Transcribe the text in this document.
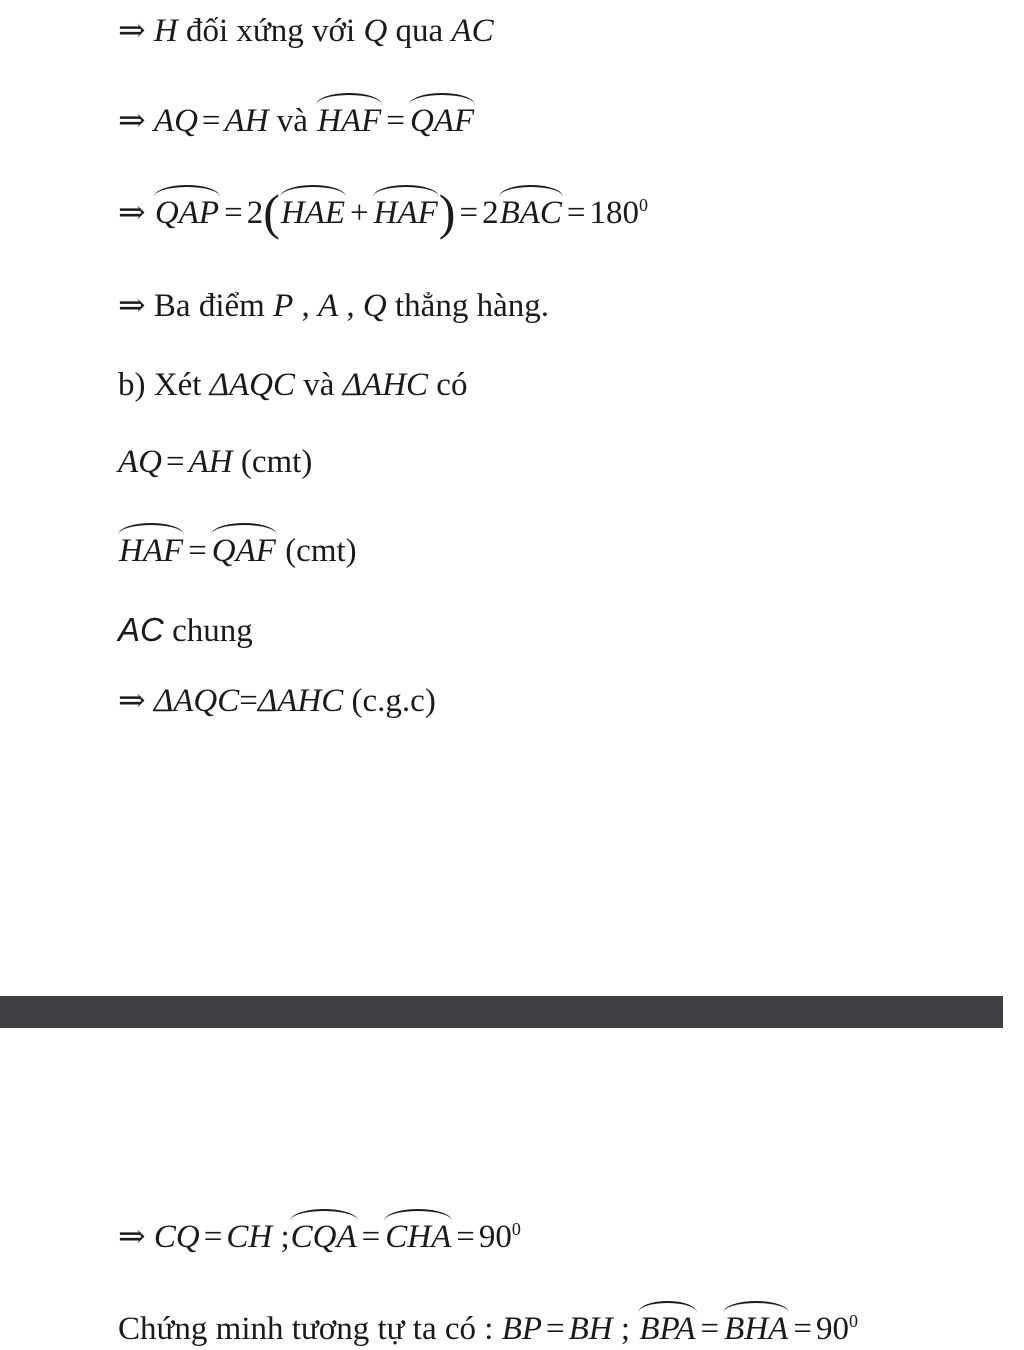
⇒ H đối xứng với Q qua AC
⇒ AQ = AH và HAF = QAF
⇒ QAP = $2(HAE + HAF) = 2BAC = 180^0$
⇒ Ba điểm P , A , Q thẳng hàng.
b) Xét ΔAQC và ΔAHC có
AQ = AH (cmt)
HAF = QAF (cmt)
AC chung
⇒ ΔAQC=ΔAHC (c.g.c)
⇒ CQ = CH ;CQA = CHA = $90^0$
Chứng minh tương tự ta có : BP = BH ; BPA = BHA = $90^0$
